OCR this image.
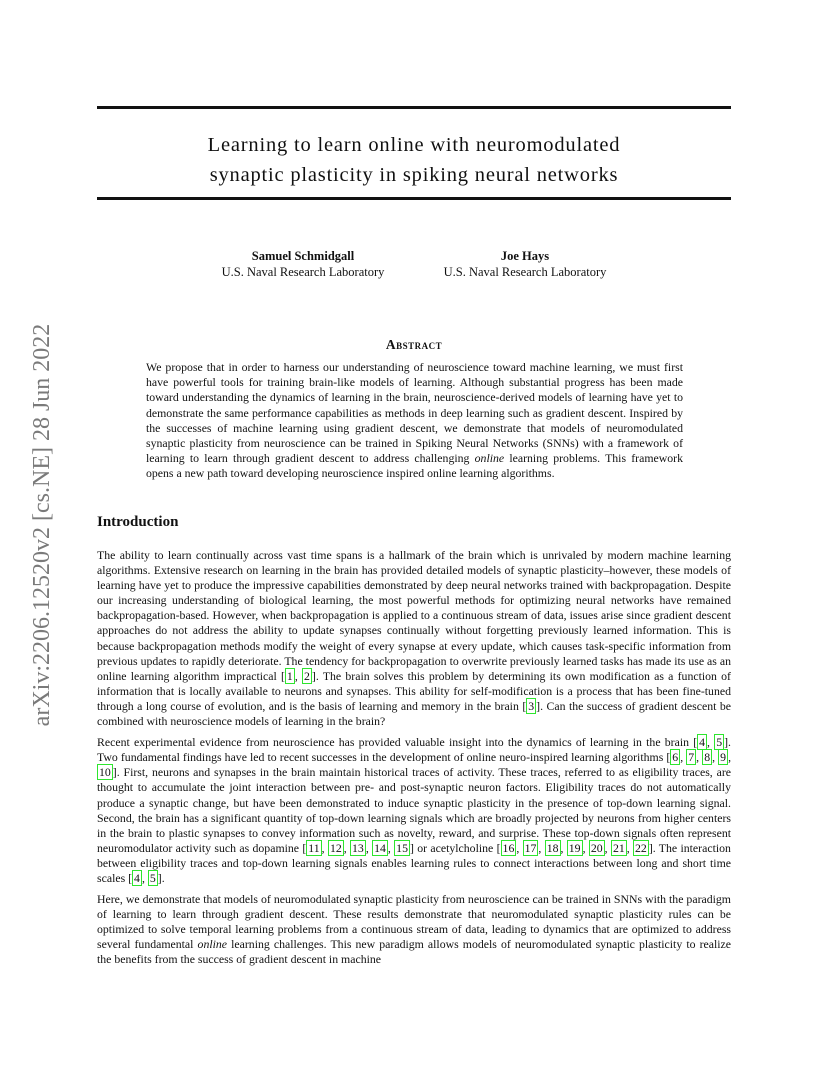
Learning to learn online with neuromodulated
synaptic plasticity in spiking neural networks
arXiv:2206.12520v2 [cs.NE] 28 Jun 2022
Samuel Schmidgall
U.S. Naval Research Laboratory
Joe Hays
U.S. Naval Research Laboratory
Abstract

We propose that in order to harness our understanding of neuroscience toward machine learning, we must first have powerful tools for training brain-like models of learning. Although substantial progress has been made toward understanding the dynamics of learning in the brain, neuroscience-derived models of learning have yet to demonstrate the same performance capabilities as methods in deep learning such as gradient descent. Inspired by the successes of machine learning using gradient descent, we demonstrate that models of neuromodulated synaptic plasticity from neuroscience can be trained in Spiking Neural Networks (SNNs) with a framework of learning to learn through gradient descent to address challenging online learning problems. This framework opens a new path toward developing neuroscience inspired online learning algorithms.

Introduction

The ability to learn continually across vast time spans is a hallmark of the brain which is unrivaled by modern machine learning algorithms. Extensive research on learning in the brain has provided detailed models of synaptic plasticity–however, these models of learning have yet to produce the impressive capabilities demonstrated by deep neural networks trained with backpropagation. Despite our increasing understanding of biological learning, the most powerful methods for optimizing neural networks have remained backpropagation-based. However, when backpropagation is applied to a continuous stream of data, issues arise since gradient descent approaches do not address the ability to update synapses continually without forgetting previously learned information. This is because backpropagation methods modify the weight of every synapse at every update, which causes task-specific information from previous updates to rapidly deteriorate. The tendency for backpropagation to overwrite previously learned tasks has made its use as an online learning algorithm impractical [ 1 , 2 ]. The brain solves this problem by determining its own modification as a function of information that is locally available to neurons and synapses. This ability for self-modification is a process that has been fine-tuned through a long course of evolution, and is the basis of learning and memory in the brain [ 3 ]. Can the success of gradient descent be combined with neuroscience models of learning in the brain?

Recent experimental evidence from neuroscience has provided valuable insight into the dynamics of learning in the brain [ 4 , 5 ]. Two fundamental findings have led to recent successes in the development of online neuro-inspired learning algorithms [ 6 , 7 , 8 , 9 , 10 ]. First, neurons and synapses in the brain maintain historical traces of activity. These traces, referred to as eligibility traces, are thought to accumulate the joint interaction between pre- and post-synaptic neuron factors. Eligibility traces do not automatically produce a synaptic change, but have been demonstrated to induce synaptic plasticity in the presence of top-down learning signal. Second, the brain has a significant quantity of top-down learning signals which are broadly projected by neurons from higher centers in the brain to plastic synapses to convey information such as novelty, reward, and surprise. These top-down signals often represent neuromodulator activity such as dopamine [ 11 , 12 , 13 , 14 , 15 ] or acetylcholine [ 16 , 17 , 18 , 19 , 20 , 21 , 22 ]. The interaction between eligibility traces and top-down learning signals enables learning rules to connect interactions between long and short time scales [ 4 , 5 ].

Here, we demonstrate that models of neuromodulated synaptic plasticity from neuroscience can be trained in SNNs with the paradigm of learning to learn through gradient descent. These results demonstrate that neuromodulated synaptic plasticity rules can be optimized to solve temporal learning problems from a continuous stream of data, leading to dynamics that are optimized to address several fundamental online learning challenges. This new paradigm allows models of neuromodulated synaptic plasticity to realize the benefits from the success of gradient descent in machine
